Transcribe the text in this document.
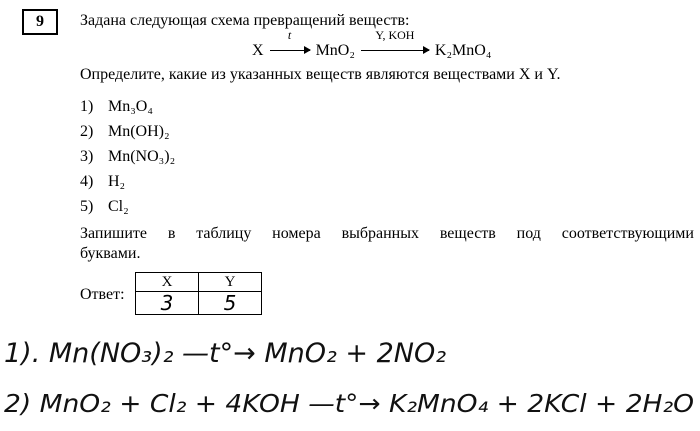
9	Задана следующая схема превращений веществ:
X
t
MnO₂
Y, KOH
K₂MnO₄
Определите, какие из указанных веществ являются веществами X и Y.
1) Mn₃O₄
2) Mn(OH)₂
3) Mn(NO₃)₂
4) H₂
5) Cl₂
Запишите в таблицу номера выбранных веществ под соответствующими
буквами.
Ответ:
X	Y
3	5
1). Mn(NO₃)₂ —t°→ MnO₂ + 2NO₂
2) MnO₂ + Cl₂ + 4KOH —t°→ K₂MnO₄ + 2KCl + 2H₂O
